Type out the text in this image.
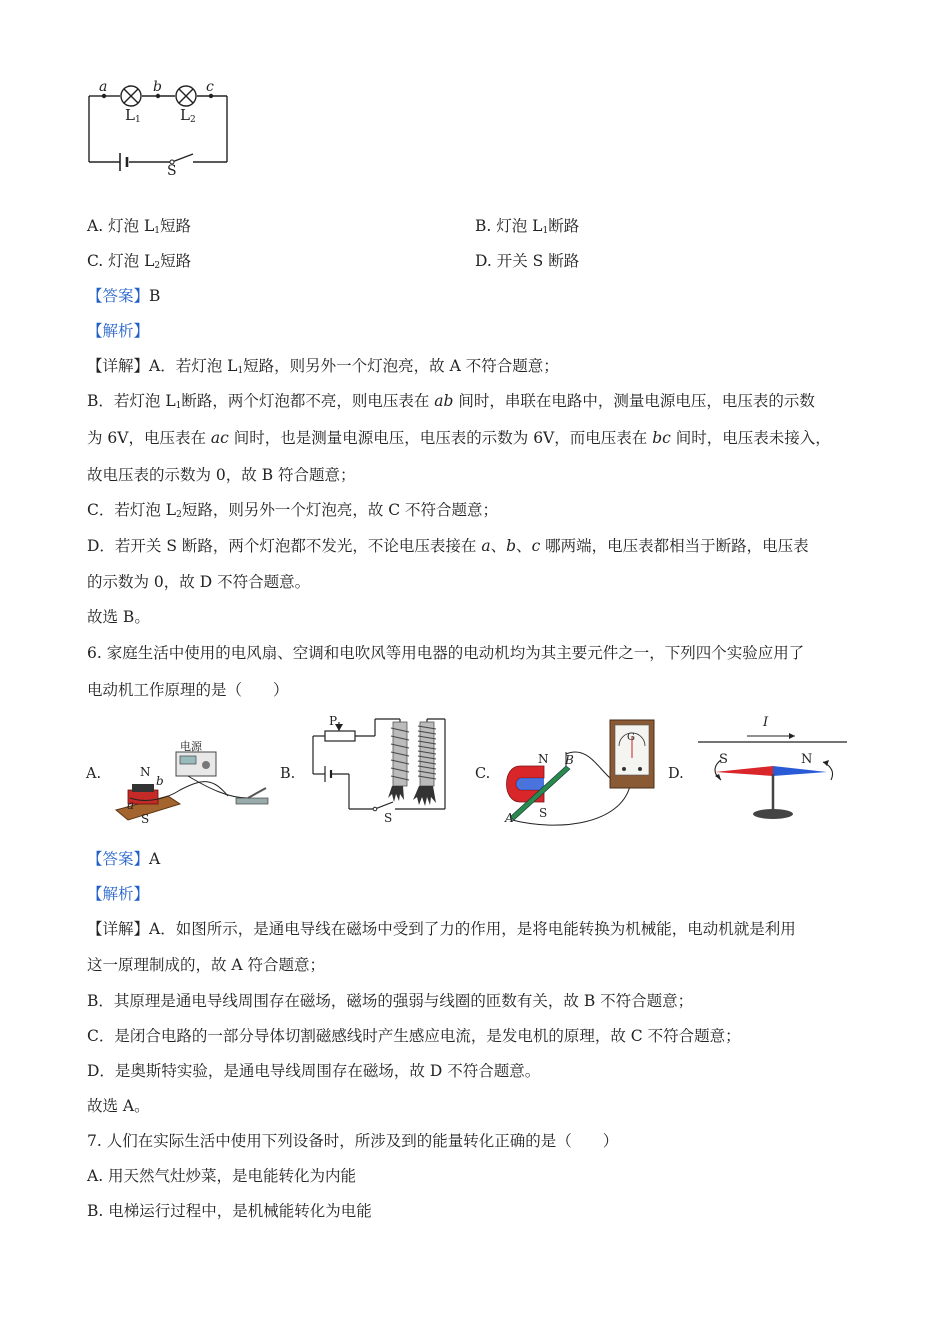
a	b	c
$L_1$	$L_2$
S
A. 灯泡 $L_1$短路	B. 灯泡 $L_1$断路
C. 灯泡 $L_2$短路	D. 开关 S 断路
【答案】B
【解析】
【详解】A．若灯泡 $L_1$短路，则另外一个灯泡亮，故 A 不符合题意；
B．若灯泡 $L_1$断路，两个灯泡都不亮，则电压表在 ab 间时，串联在电路中，测量电源电压，电压表的示数
为 6V，电压表在 ac 间时，也是测量电源电压，电压表的示数为 6V，而电压表在 bc 间时，电压表未接入，
故电压表的示数为 0，故 B 符合题意；
C．若灯泡 $L_2$短路，则另外一个灯泡亮，故 C 不符合题意；
D．若开关 S 断路，两个灯泡都不发光，不论电压表接在 a、b、c 哪两端，电压表都相当于断路，电压表
的示数为 0，故 D 不符合题意。
故选 B。
6. 家庭生活中使用的电风扇、空调和电吹风等用电器的电动机均为其主要元件之一，下列四个实验应用了
电动机工作原理的是（　　）
A.	B.	C.	D.
电源
N
b
a
S
P
S
N B
S
A
G
I
S	N
【答案】A
【解析】
【详解】A．如图所示，是通电导线在磁场中受到了力的作用，是将电能转换为机械能，电动机就是利用
这一原理制成的，故 A 符合题意；
B．其原理是通电导线周围存在磁场，磁场的强弱与线圈的匝数有关，故 B 不符合题意；
C．是闭合电路的一部分导体切割磁感线时产生感应电流，是发电机的原理，故 C 不符合题意；
D．是奥斯特实验，是通电导线周围存在磁场，故 D 不符合题意。
故选 A。
7. 人们在实际生活中使用下列设备时，所涉及到的能量转化正确的是（　　）
A. 用天然气灶炒菜，是电能转化为内能
B. 电梯运行过程中，是机械能转化为电能
